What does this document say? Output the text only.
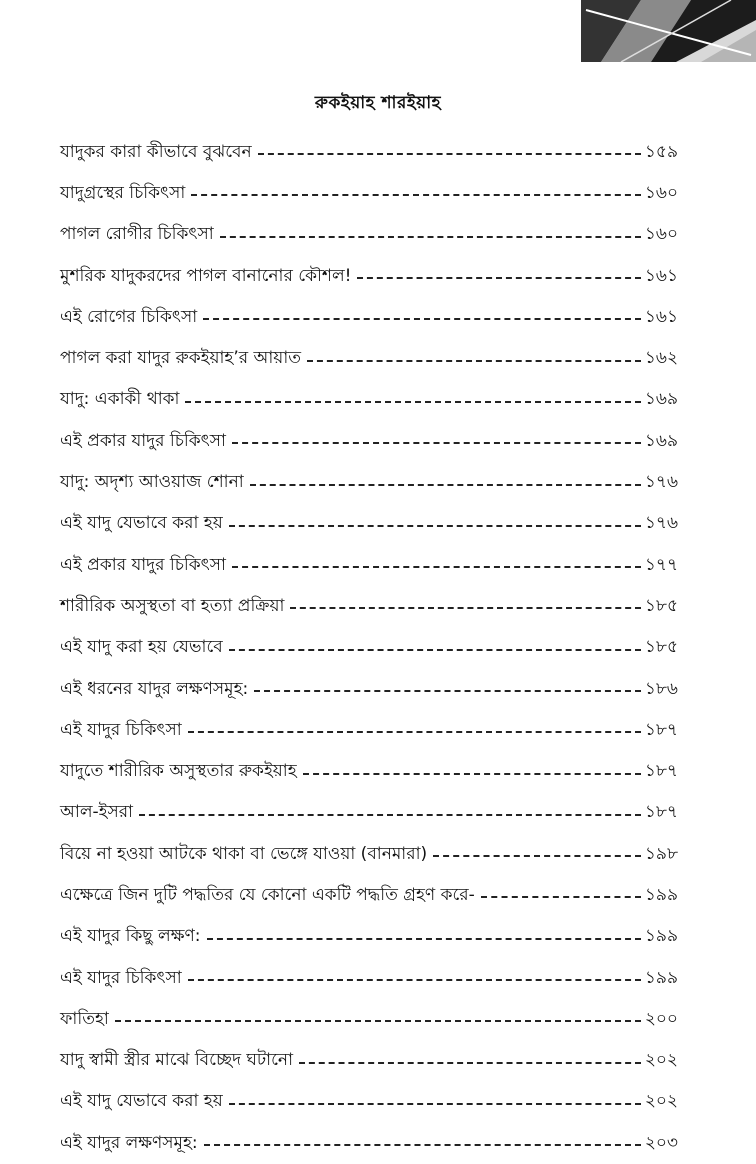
রুকইয়াহ শারইয়াহ
যাদুকর কারা কীভাবে বুঝবেন	১৫৯
যাদুগ্রস্থের চিকিৎসা	১৬০
পাগল রোগীর চিকিৎসা	১৬০
মুশরিক যাদুকরদের পাগল বানানোর কৌশল!	১৬১
এই রোগের চিকিৎসা	১৬১
পাগল করা যাদুর রুকইয়াহ’র আয়াত	১৬২
যাদু: একাকী থাকা	১৬৯
এই প্রকার যাদুর চিকিৎসা	১৬৯
যাদু: অদৃশ্য আওয়াজ শোনা	১৭৬
এই যাদু যেভাবে করা হয়	১৭৬
এই প্রকার যাদুর চিকিৎসা	১৭৭
শারীরিক অসুস্থতা বা হত্যা প্রক্রিয়া	১৮৫
এই যাদু করা হয় যেভাবে	১৮৫
এই ধরনের যাদুর লক্ষণসমূহ:	১৮৬
এই যাদুর চিকিৎসা	১৮৭
যাদুতে শারীরিক অসুস্থতার রুকইয়াহ	১৮৭
আল-ইসরা	১৮৭
বিয়ে না হওয়া আটকে থাকা বা ভেঙ্গে যাওয়া (বানমারা)	১৯৮
এক্ষেত্রে জিন দুটি পদ্ধতির যে কোনো একটি পদ্ধতি গ্রহণ করে-	১৯৯
এই যাদুর কিছু লক্ষণ:	১৯৯
এই যাদুর চিকিৎসা	১৯৯
ফাতিহা	২০০
যাদু স্বামী স্ত্রীর মাঝে বিচ্ছেদ ঘটানো	২০২
এই যাদু যেভাবে করা হয়	২০২
এই যাদুর লক্ষণসমূহ:	২০৩
